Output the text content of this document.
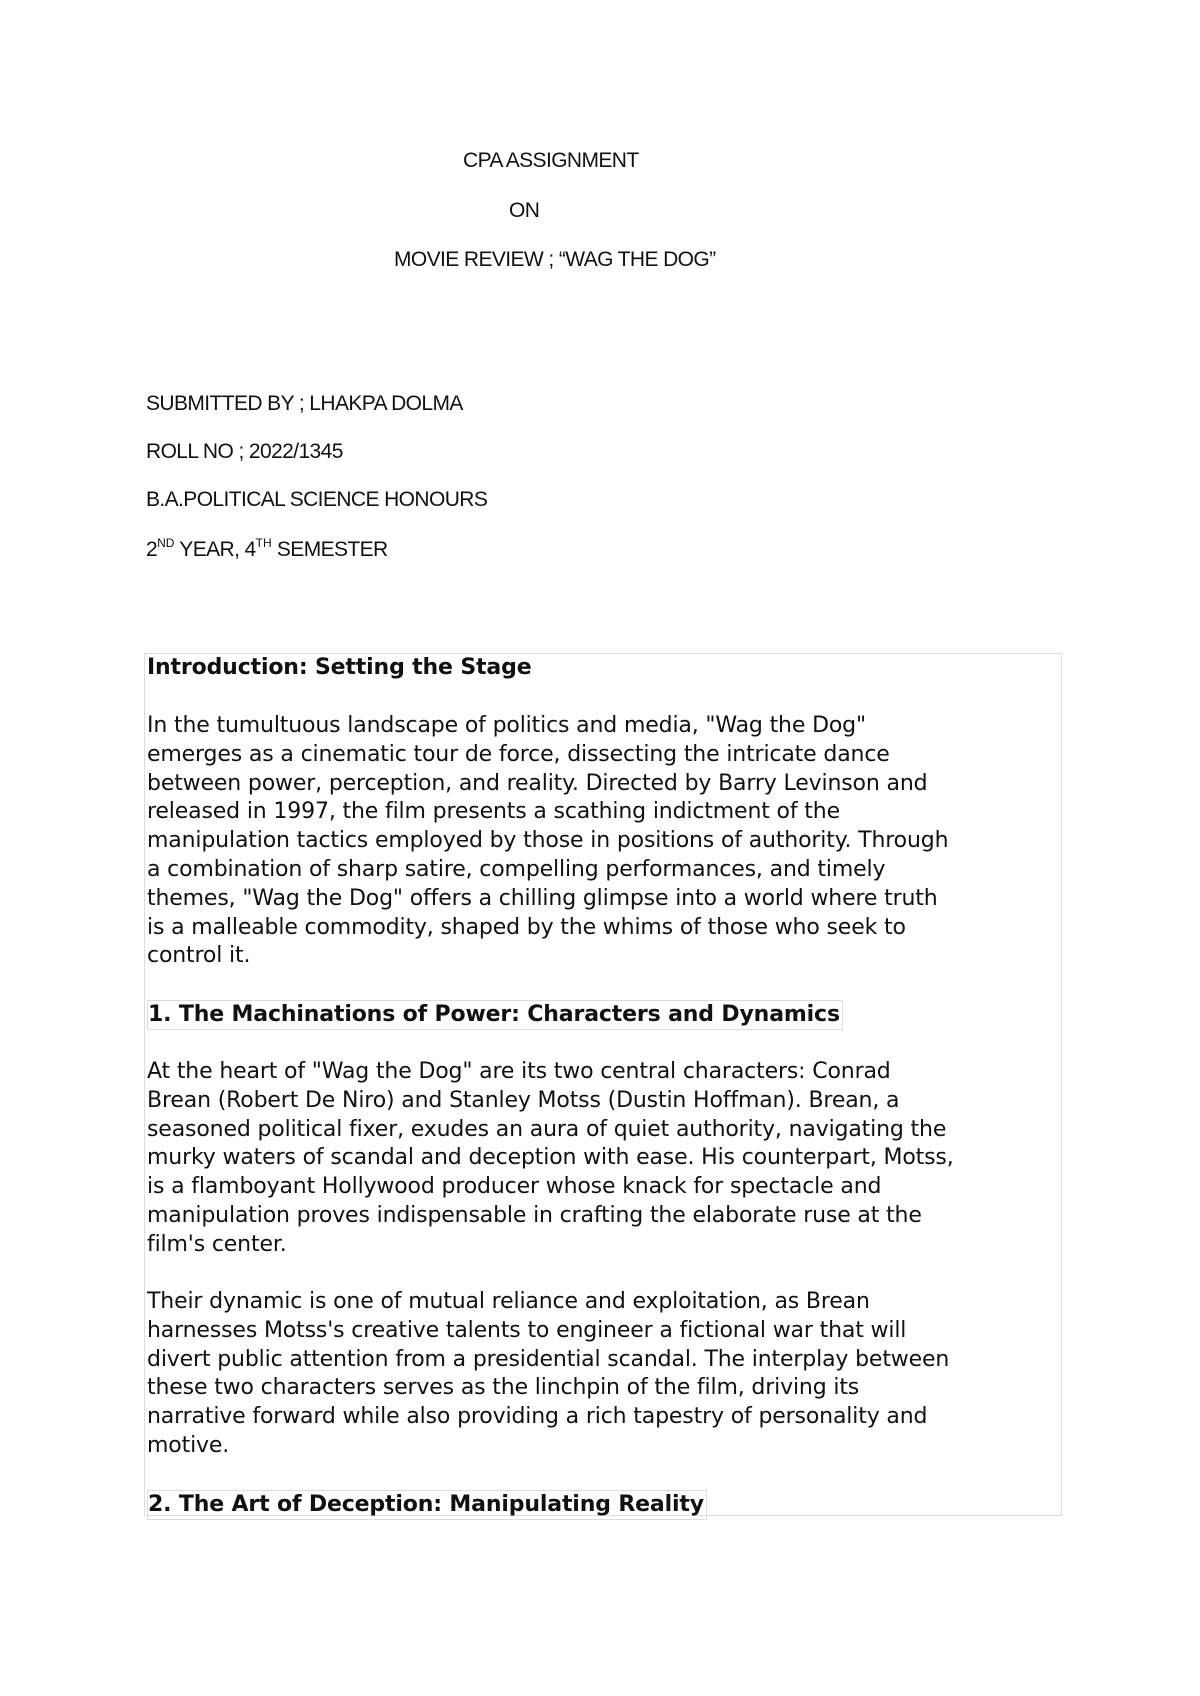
CPA ASSIGNMENT
ON
MOVIE REVIEW ; “WAG THE DOG”
SUBMITTED BY ; LHAKPA DOLMA
ROLL NO ; 2022/1345
B.A.POLITICAL SCIENCE HONOURS
2ND YEAR, 4TH SEMESTER
Introduction: Setting the Stage
In the tumultuous landscape of politics and media, "Wag the Dog"
emerges as a cinematic tour de force, dissecting the intricate dance
between power, perception, and reality. Directed by Barry Levinson and
released in 1997, the film presents a scathing indictment of the
manipulation tactics employed by those in positions of authority. Through
a combination of sharp satire, compelling performances, and timely
themes, "Wag the Dog" offers a chilling glimpse into a world where truth
is a malleable commodity, shaped by the whims of those who seek to
control it.
1. The Machinations of Power: Characters and Dynamics
At the heart of "Wag the Dog" are its two central characters: Conrad
Brean (Robert De Niro) and Stanley Motss (Dustin Hoffman). Brean, a
seasoned political fixer, exudes an aura of quiet authority, navigating the
murky waters of scandal and deception with ease. His counterpart, Motss,
is a flamboyant Hollywood producer whose knack for spectacle and
manipulation proves indispensable in crafting the elaborate ruse at the
film's center.
Their dynamic is one of mutual reliance and exploitation, as Brean
harnesses Motss's creative talents to engineer a fictional war that will
divert public attention from a presidential scandal. The interplay between
these two characters serves as the linchpin of the film, driving its
narrative forward while also providing a rich tapestry of personality and
motive.
2. The Art of Deception: Manipulating Reality
